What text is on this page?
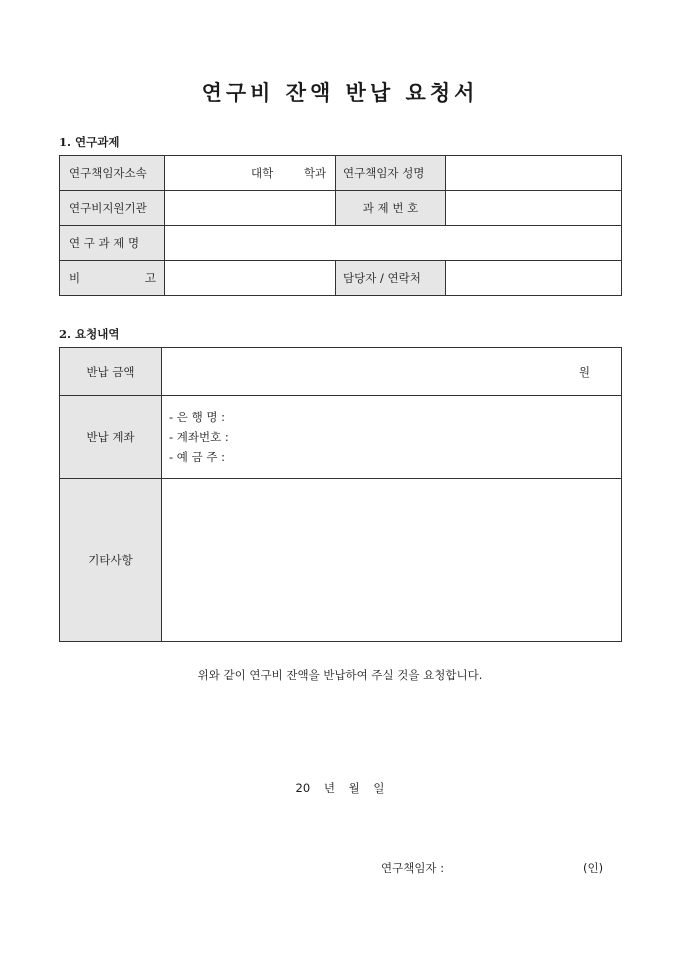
연구비 잔액 반납 요청서
1. 연구과제
연구책임자소속	대학 학과	연구책임자 성명	
연구비지원기관		과 제 번 호	
연 구 과 제 명			

비 고		담당자 / 연락처	
2. 요청내역
반납 금액	원
반납 계좌	- 은 행 명 :
- 계좌번호 :
- 예 금 주 :

기타사항	
위와 같이 연구비 잔액을 반납하여 주실 것을 요청합니다.
20 년 월 일
연구책임자 :	(인)
